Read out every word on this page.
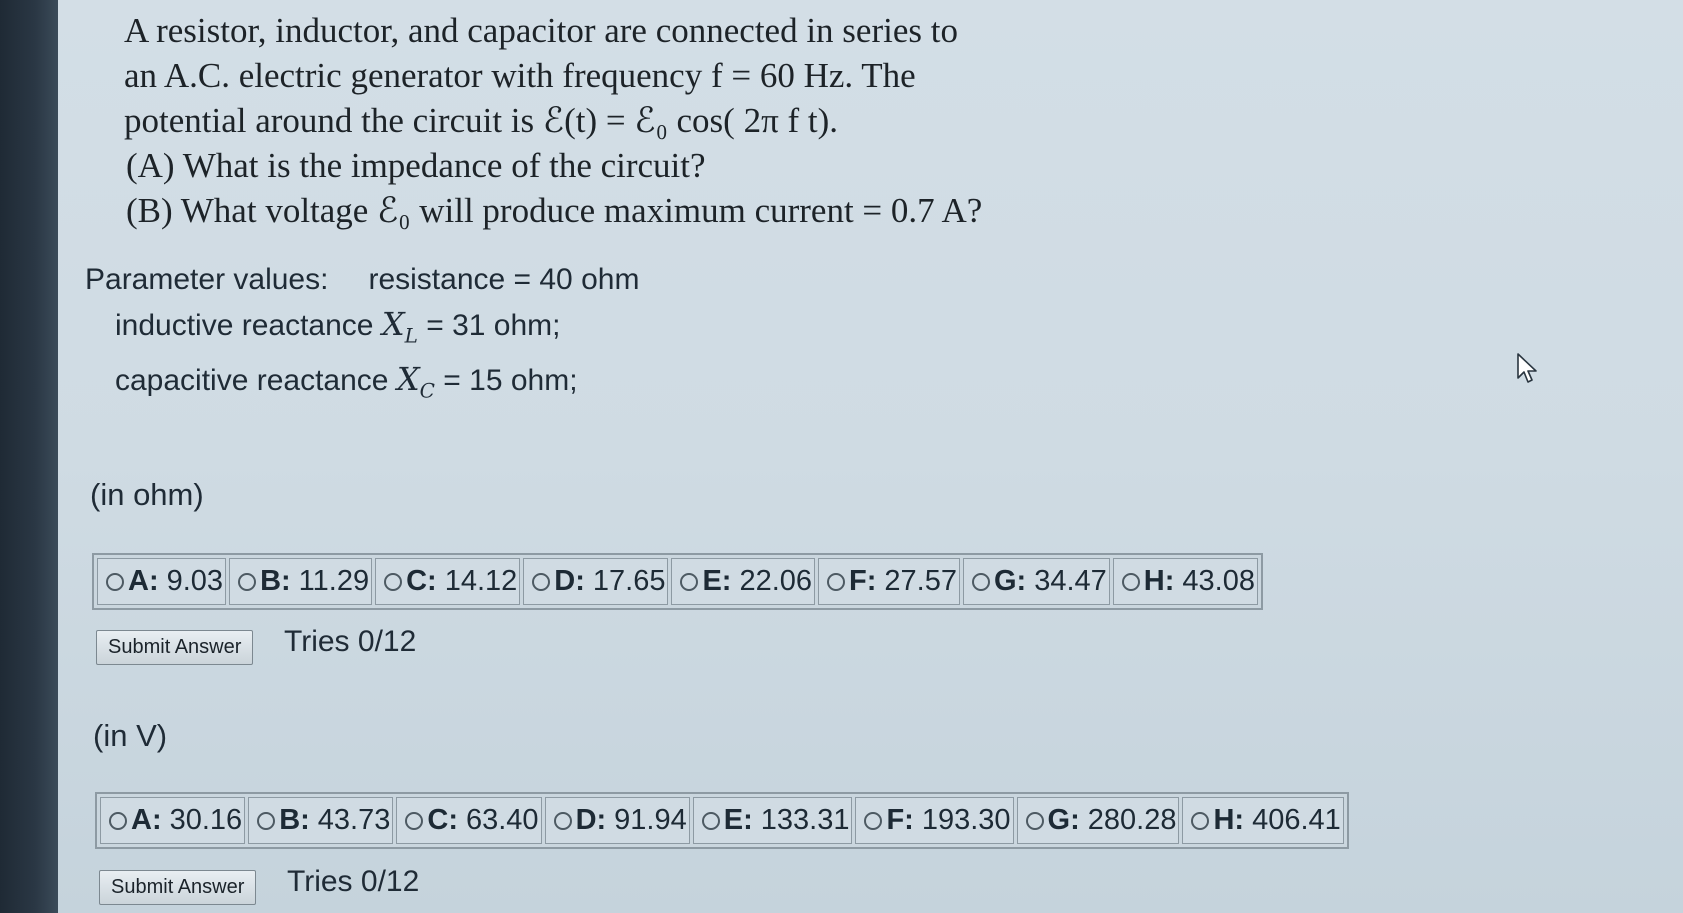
A resistor, inductor, and capacitor are connected in series to
an A.C. electric generator with frequency f = 60 Hz. The
potential around the circuit is ℰ(t) = ℰ₀ cos( 2π f t).
(A) What is the impedance of the circuit?
(B) What voltage ℰ₀ will produce maximum current = 0.7 A?
Parameter values: resistance = 40 ohm
inductive reactance $X_L = 31$ ohm;
capacitive reactance $X_C = 15$ ohm;
(in ohm)
A: 9.03 B: 11.29 C: 14.12 D: 17.65 E: 22.06 F: 27.57 G: 34.47 H: 43.08
Submit Answer	Tries 0/12
(in V)
A: 30.16 B: 43.73 C: 63.40 D: 91.94 E: 133.31 F: 193.30 G: 280.28 H: 406.41
Submit Answer	Tries 0/12
